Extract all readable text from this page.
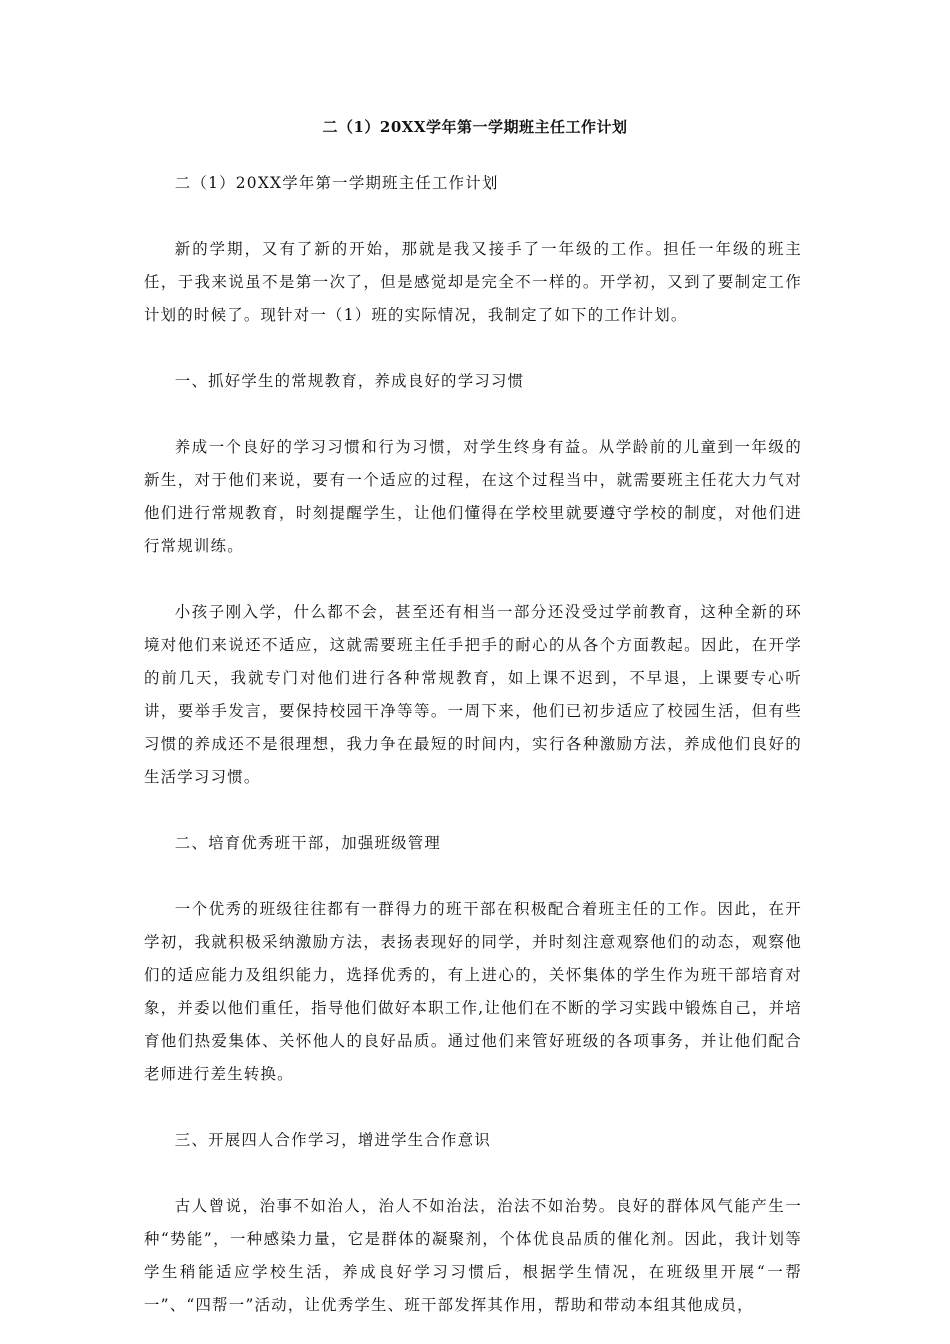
二（1）20XX学年第一学期班主任工作计划

二（1）20XX学年第一学期班主任工作计划

新的学期，又有了新的开始，那就是我又接手了一年级的工作。担任一年级的班主任，于我来说虽不是第一次了，但是感觉却是完全不一样的。开学初，又到了要制定工作计划的时候了。现针对一（1）班的实际情况，我制定了如下的工作计划。

一、抓好学生的常规教育，养成良好的学习习惯

养成一个良好的学习习惯和行为习惯，对学生终身有益。从学龄前的儿童到一年级的新生，对于他们来说，要有一个适应的过程，在这个过程当中，就需要班主任花大力气对他们进行常规教育，时刻提醒学生，让他们懂得在学校里就要遵守学校的制度，对他们进行常规训练。

小孩子刚入学，什么都不会，甚至还有相当一部分还没受过学前教育，这种全新的环境对他们来说还不适应，这就需要班主任手把手的耐心的从各个方面教起。因此，在开学的前几天，我就专门对他们进行各种常规教育，如上课不迟到，不早退，上课要专心听讲，要举手发言，要保持校园干净等等。一周下来，他们已初步适应了校园生活，但有些习惯的养成还不是很理想，我力争在最短的时间内，实行各种激励方法，养成他们良好的生活学习习惯。

二、培育优秀班干部，加强班级管理

一个优秀的班级往往都有一群得力的班干部在积极配合着班主任的工作。因此，在开学初，我就积极采纳激励方法，表扬表现好的同学，并时刻注意观察他们的动态，观察他们的适应能力及组织能力，选择优秀的，有上进心的，关怀集体的学生作为班干部培育对象，并委以他们重任，指导他们做好本职工作,让他们在不断的学习实践中锻炼自己，并培育他们热爱集体、关怀他人的良好品质。通过他们来管好班级的各项事务，并让他们配合老师进行差生转换。

三、开展四人合作学习，增进学生合作意识

古人曾说，治事不如治人，治人不如治法，治法不如治势。良好的群体风气能产生一种“势能”，一种感染力量，它是群体的凝聚剂，个体优良品质的催化剂。因此，我计划等学生稍能适应学校生活，养成良好学习习惯后，根据学生情况，在班级里开展“一帮一”、“四帮一”活动，让优秀学生、班干部发挥其作用，帮助和带动本组其他成员，
